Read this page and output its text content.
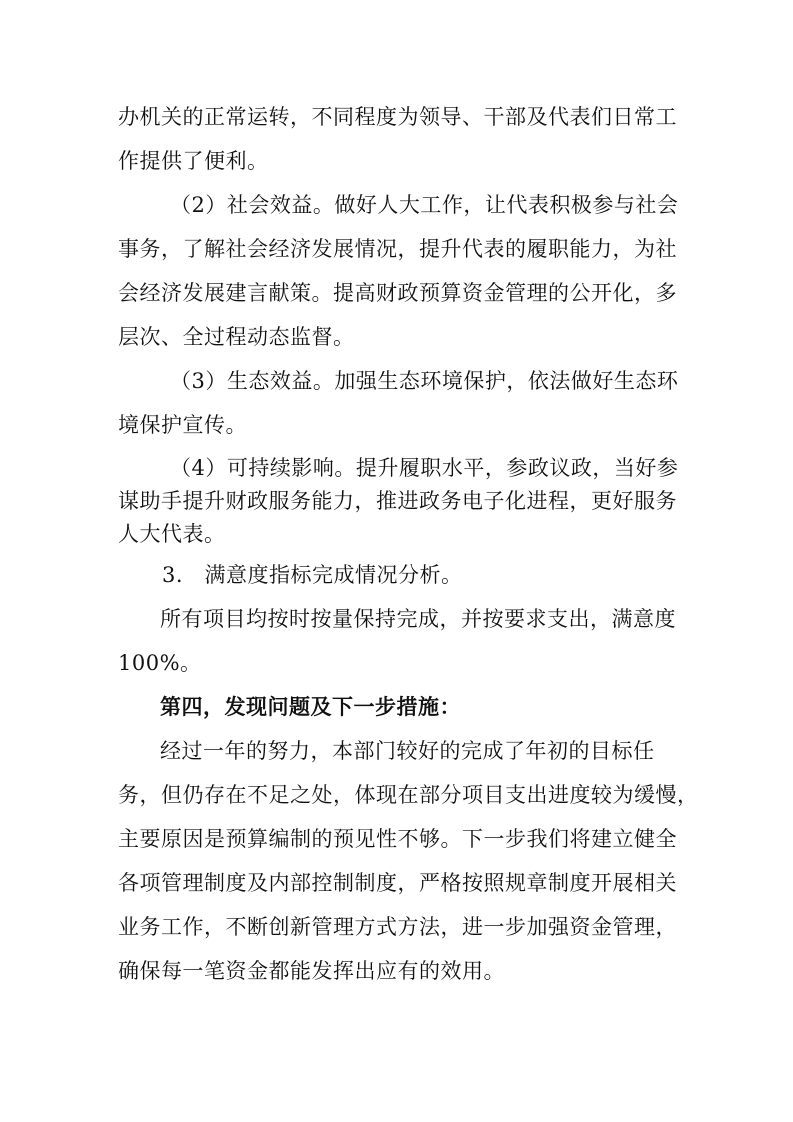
办机关的正常运转，不同程度为领导、干部及代表们日常工
作提供了便利。
（2）社会效益。做好人大工作，让代表积极参与社会
事务，了解社会经济发展情况，提升代表的履职能力，为社
会经济发展建言献策。提高财政预算资金管理的公开化，多
层次、全过程动态监督。
（3）生态效益。加强生态环境保护，依法做好生态环
境保护宣传。
（4）可持续影响。提升履职水平，参政议政，当好参
谋助手提升财政服务能力，推进政务电子化进程，更好服务
人大代表。
3.　满意度指标完成情况分析。
所有项目均按时按量保持完成，并按要求支出，满意度
100%。
第四，发现问题及下一步措施：
经过一年的努力，本部门较好的完成了年初的目标任
务，但仍存在不足之处，体现在部分项目支出进度较为缓慢，
主要原因是预算编制的预见性不够。下一步我们将建立健全
各项管理制度及内部控制制度，严格按照规章制度开展相关
业务工作，不断创新管理方式方法，进一步加强资金管理，
确保每一笔资金都能发挥出应有的效用。
